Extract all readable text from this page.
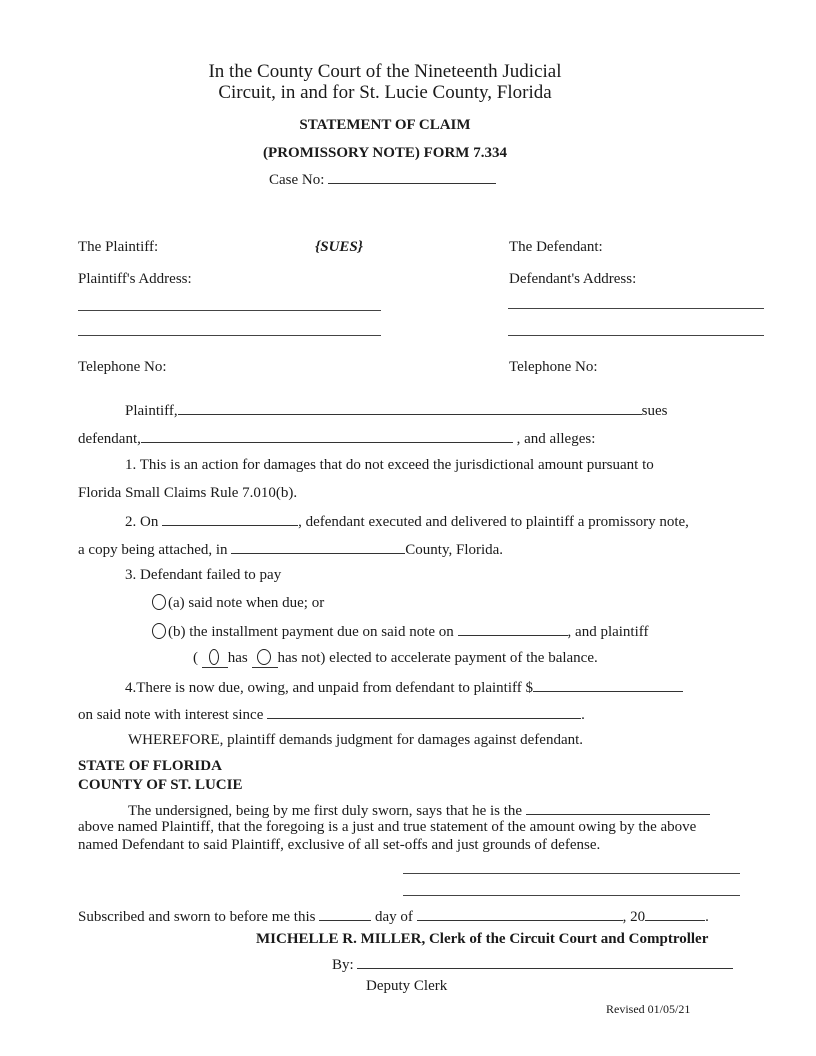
In the County Court of the Nineteenth Judicial
Circuit, in and for St. Lucie County, Florida
STATEMENT OF CLAIM
(PROMISSORY NOTE) FORM 7.334
Case No:
The Plaintiff:	{SUES}	The Defendant:
Plaintiff's Address:	Defendant's Address:
Telephone No:	Telephone No:
Plaintiff,	sues
defendant,	, and alleges:
1. This is an action for damages that do not exceed the jurisdictional amount pursuant to
Florida Small Claims Rule 7.010(b).
2. On	, defendant executed and delivered to plaintiff a promissory note,
a copy being attached, in	County, Florida.
3. Defendant failed to pay
(a) said note when due; or
(b) the installment payment due on said note on	, and plaintiff
( has has not) elected to accelerate payment of the balance.
4.There is now due, owing, and unpaid from defendant to plaintiff $
on said note with interest since	.
WHEREFORE, plaintiff demands judgment for damages against defendant.
STATE OF FLORIDA
COUNTY OF ST. LUCIE
The undersigned, being by me first duly sworn, says that he is the
above named Plaintiff, that the foregoing is a just and true statement of the amount owing by the above
named Defendant to said Plaintiff, exclusive of all set-offs and just grounds of defense.
Subscribed and sworn to before me this	day of	, 20	.
MICHELLE R. MILLER, Clerk of the Circuit Court and Comptroller
By:
Deputy Clerk
Revised 01/05/21
